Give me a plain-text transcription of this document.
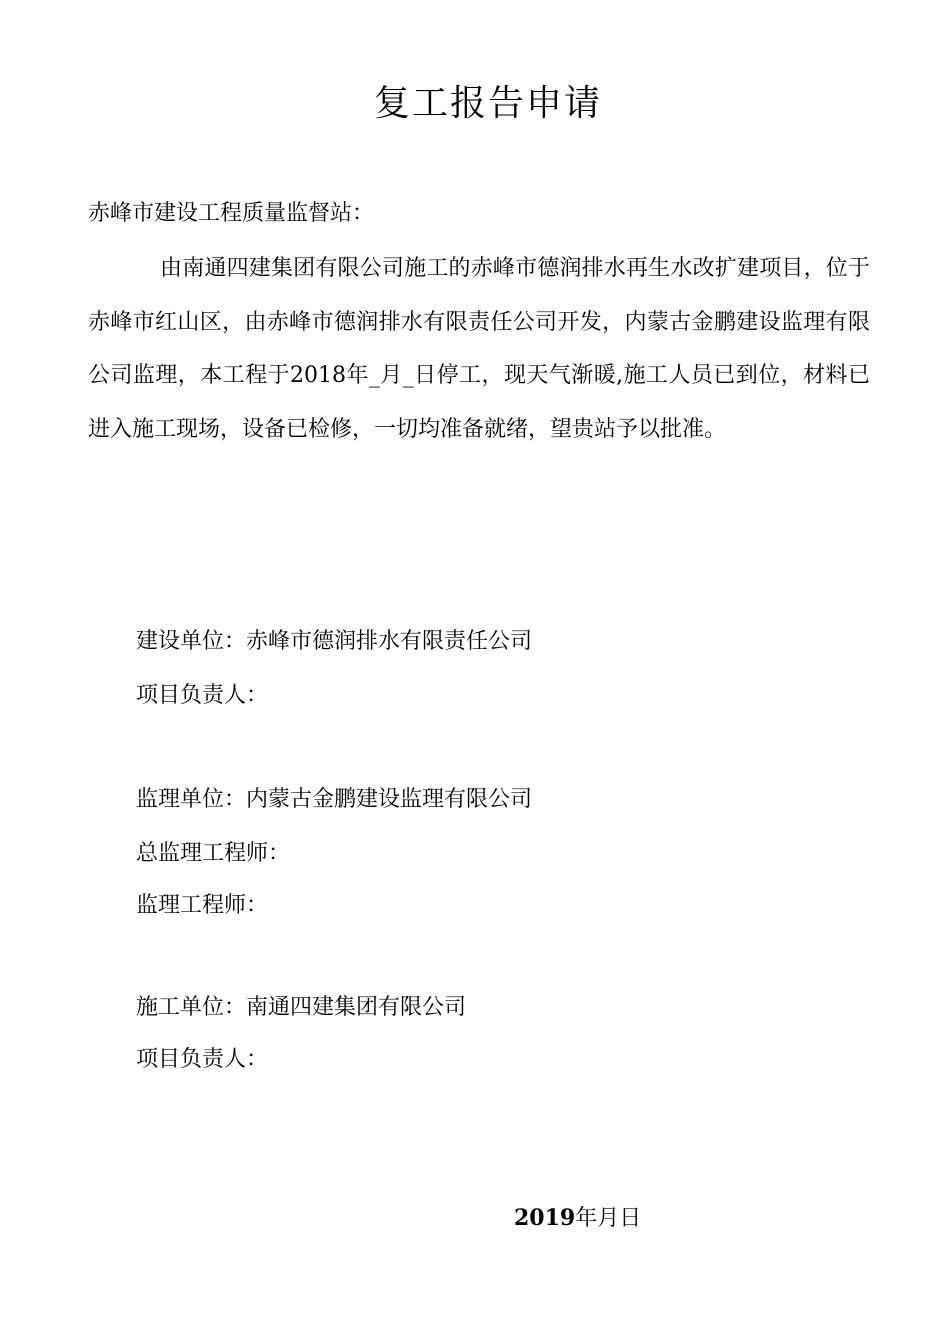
复工报告申请
赤峰市建设工程质量监督站：
由南通四建集团有限公司施工的赤峰市德润排水再生水改扩建项目，位于赤峰市红山区，由赤峰市德润排水有限责任公司开发，内蒙古金鹏建设监理有限公司监理，本工程于2018年_月_日停工，现天气渐暖,施工人员已到位，材料已进入施工现场，设备已检修，一切均准备就绪，望贵站予以批准。
建设单位：赤峰市德润排水有限责任公司
项目负责人：
监理单位：内蒙古金鹏建设监理有限公司
总监理工程师：
监理工程师：
施工单位：南通四建集团有限公司
项目负责人：
2019年月日
